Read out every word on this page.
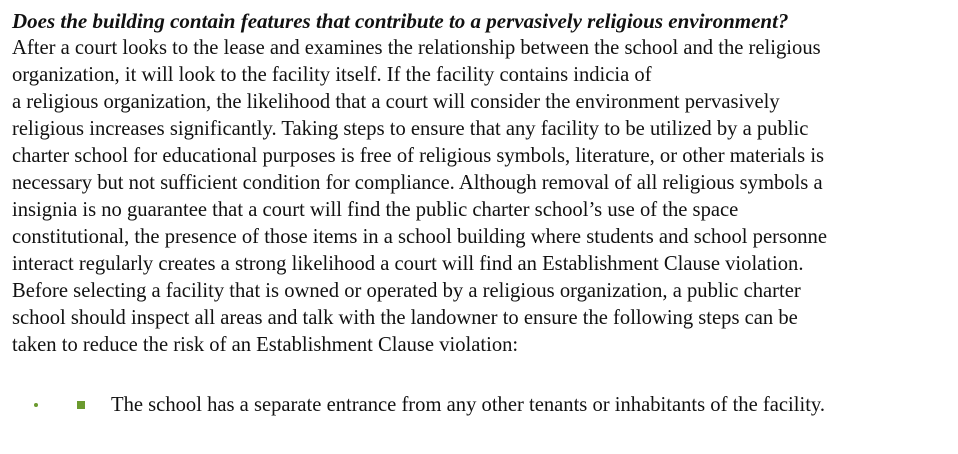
Does the building contain features that contribute to a pervasively religious environment?

After a court looks to the lease and examines the relationship between the school and the religious

organization, it will look to the facility itself. If the facility contains indicia of

a religious organization, the likelihood that a court will consider the environment pervasively

religious increases significantly. Taking steps to ensure that any facility to be utilized by a public

charter school for educational purposes is free of religious symbols, literature, or other materials is

necessary but not sufficient condition for compliance. Although removal of all religious symbols a

insignia is no guarantee that a court will find the public charter school’s use of the space

constitutional, the presence of those items in a school building where students and school personne

interact regularly creates a strong likelihood a court will find an Establishment Clause violation.

Before selecting a facility that is owned or operated by a religious organization, a public charter

school should inspect all areas and talk with the landowner to ensure the following steps can be

taken to reduce the risk of an Establishment Clause violation:

The school has a separate entrance from any other tenants or inhabitants of the facility.
